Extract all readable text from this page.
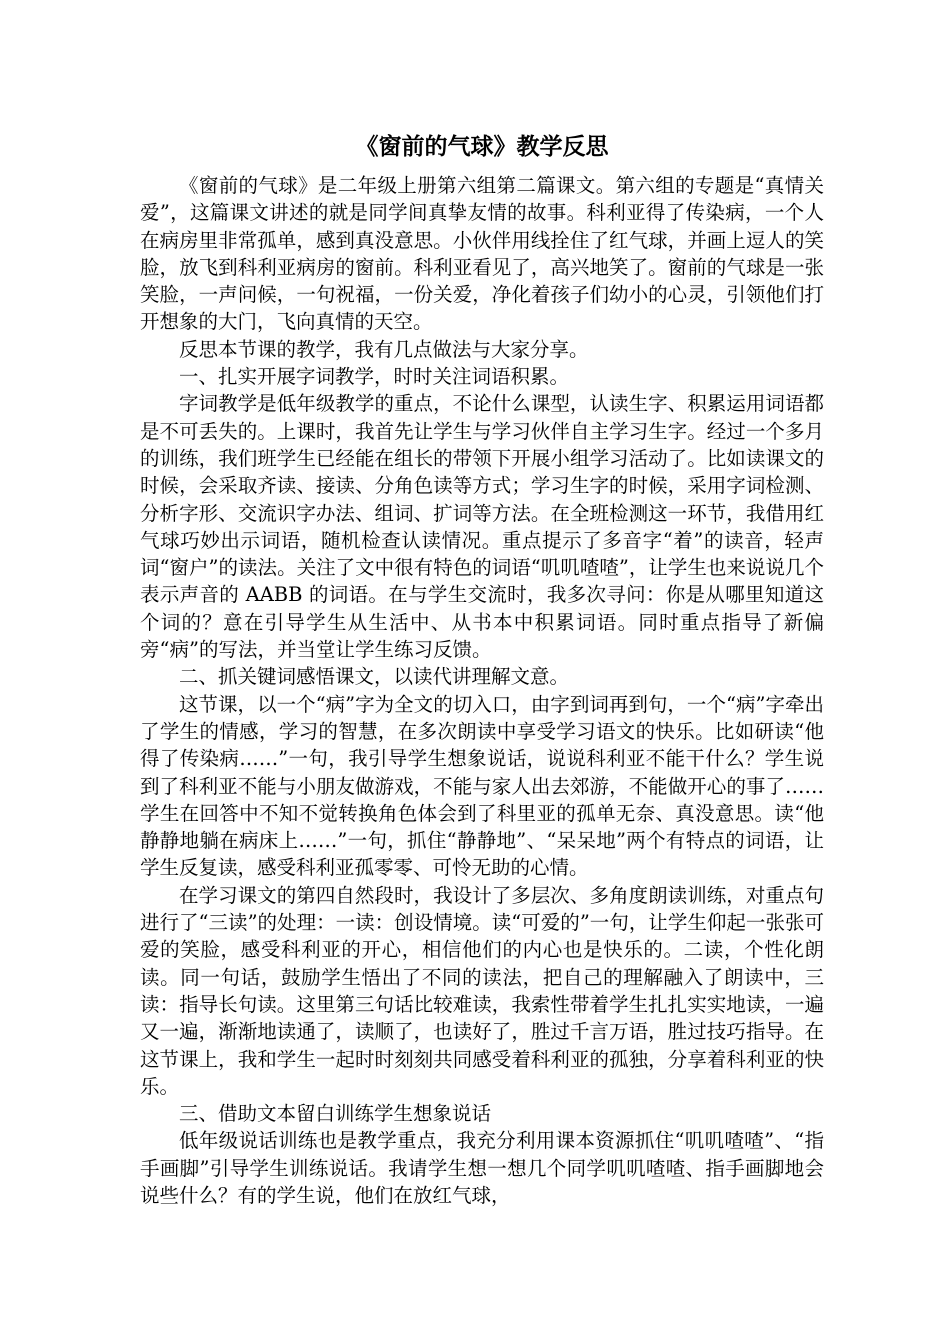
《窗前的气球》教学反思

《窗前的气球》是二年级上册第六组第二篇课文。第六组的专题是“真情关爱”，这篇课文讲述的就是同学间真挚友情的故事。科利亚得了传染病，一个人在病房里非常孤单，感到真没意思。小伙伴用线拴住了红气球，并画上逗人的笑脸，放飞到科利亚病房的窗前。科利亚看见了，高兴地笑了。窗前的气球是一张笑脸，一声问候，一句祝福，一份关爱，净化着孩子们幼小的心灵，引领他们打开想象的大门，飞向真情的天空。

反思本节课的教学，我有几点做法与大家分享。

一、扎实开展字词教学，时时关注词语积累。

字词教学是低年级教学的重点，不论什么课型，认读生字、积累运用词语都是不可丢失的。上课时，我首先让学生与学习伙伴自主学习生字。经过一个多月的训练，我们班学生已经能在组长的带领下开展小组学习活动了。比如读课文的时候，会采取齐读、接读、分角色读等方式；学习生字的时候，采用字词检测、分析字形、交流识字办法、组词、扩词等方法。在全班检测这一环节，我借用红气球巧妙出示词语，随机检查认读情况。重点提示了多音字“着”的读音，轻声词“窗户”的读法。关注了文中很有特色的词语“叽叽喳喳”，让学生也来说说几个表示声音的 AABB 的词语。在与学生交流时，我多次寻问：你是从哪里知道这个词的？意在引导学生从生活中、从书本中积累词语。同时重点指导了新偏旁“病”的写法，并当堂让学生练习反馈。

二、抓关键词感悟课文，以读代讲理解文意。

这节课，以一个“病”字为全文的切入口，由字到词再到句，一个“病”字牵出了学生的情感，学习的智慧，在多次朗读中享受学习语文的快乐。比如研读“他得了传染病……”一句，我引导学生想象说话，说说科利亚不能干什么？学生说到了科利亚不能与小朋友做游戏，不能与家人出去郊游，不能做开心的事了……学生在回答中不知不觉转换角色体会到了科里亚的孤单无奈、真没意思。读“他静静地躺在病床上……”一句，抓住“静静地”、“呆呆地”两个有特点的词语，让学生反复读，感受科利亚孤零零、可怜无助的心情。

在学习课文的第四自然段时，我设计了多层次、多角度朗读训练，对重点句进行了“三读”的处理：一读：创设情境。读“可爱的”一句，让学生仰起一张张可爱的笑脸，感受科利亚的开心，相信他们的内心也是快乐的。二读，个性化朗读。同一句话，鼓励学生悟出了不同的读法，把自己的理解融入了朗读中，三读：指导长句读。这里第三句话比较难读，我索性带着学生扎扎实实地读，一遍又一遍，渐渐地读通了，读顺了，也读好了，胜过千言万语，胜过技巧指导。在这节课上，我和学生一起时时刻刻共同感受着科利亚的孤独，分享着科利亚的快乐。

三、借助文本留白训练学生想象说话

低年级说话训练也是教学重点，我充分利用课本资源抓住“叽叽喳喳”、“指手画脚”引导学生训练说话。我请学生想一想几个同学叽叽喳喳、指手画脚地会说些什么？有的学生说，他们在放红气球，
